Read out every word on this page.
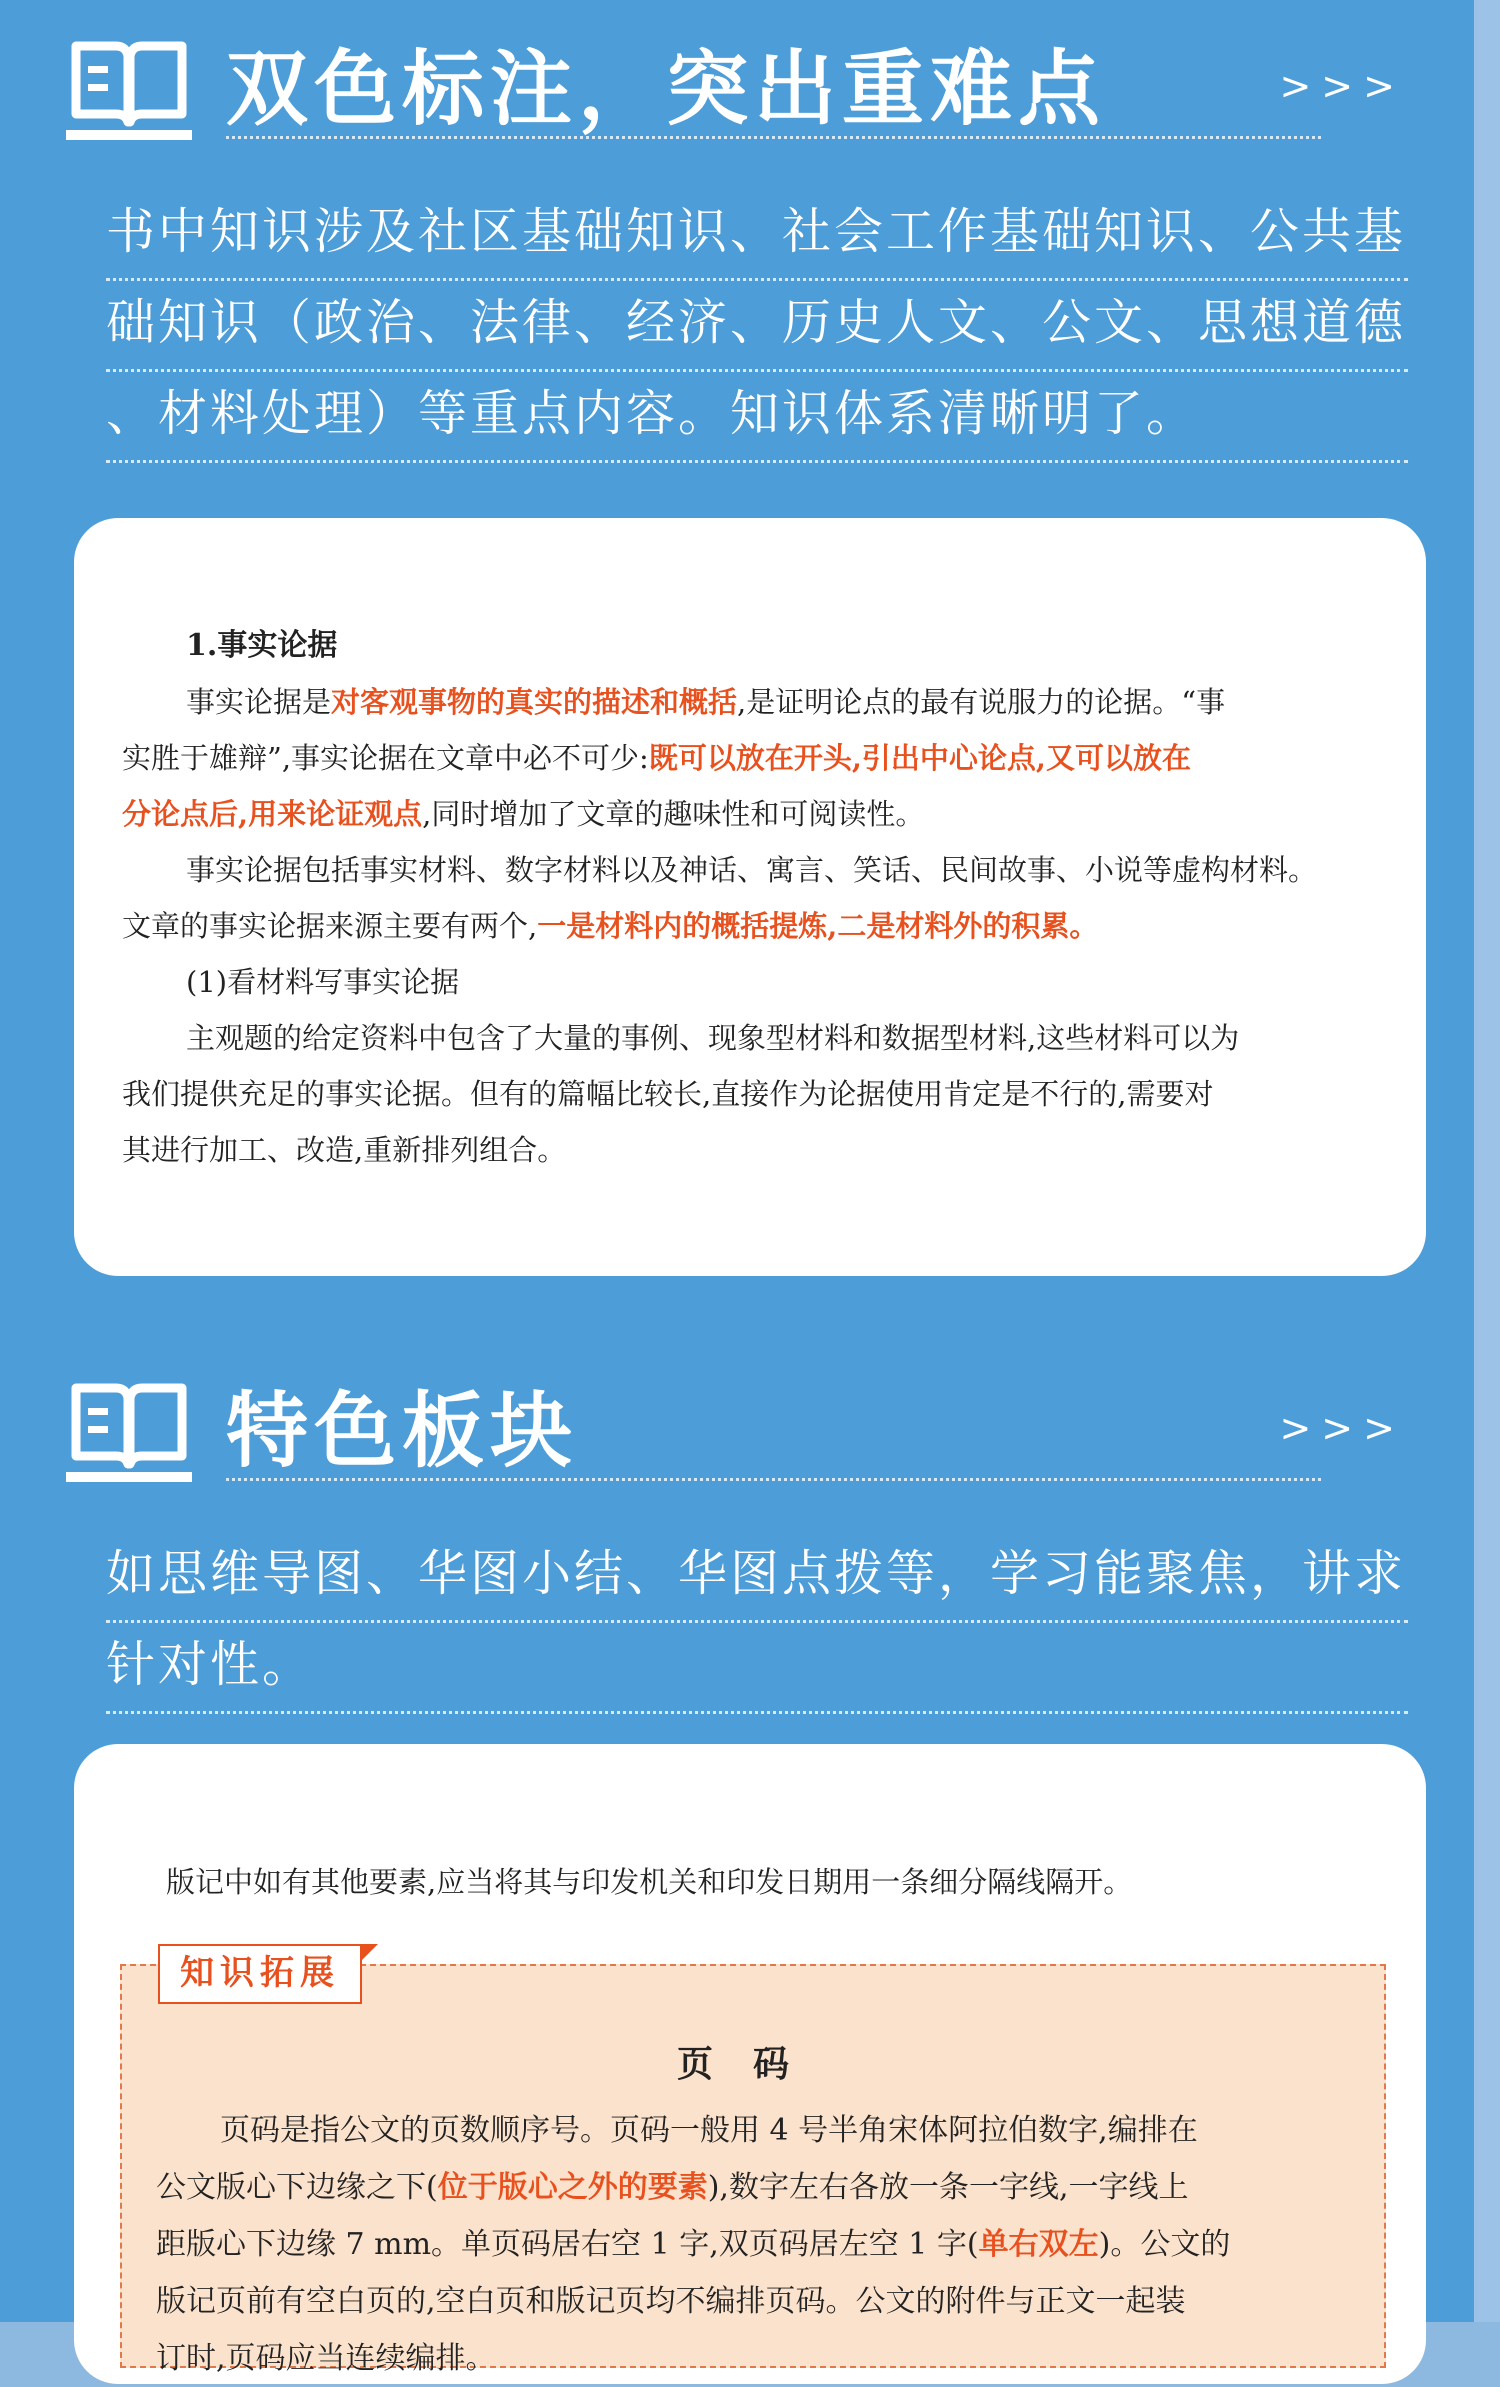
双色标注，突出重难点	>>>
书中知识涉及社区基础知识、社会工作基础知识、公共基
础知识（政治、法律、经济、历史人文、公文、思想道德
、材料处理）等重点内容。知识体系清晰明了。
1.事实论据
事实论据是对客观事物的真实的描述和概括,是证明论点的最有说服力的论据。“事
实胜于雄辩”,事实论据在文章中必不可少:既可以放在开头,引出中心论点,又可以放在
分论点后,用来论证观点,同时增加了文章的趣味性和可阅读性。
事实论据包括事实材料、数字材料以及神话、寓言、笑话、民间故事、小说等虚构材料。
文章的事实论据来源主要有两个,一是材料内的概括提炼,二是材料外的积累。
(1)看材料写事实论据
主观题的给定资料中包含了大量的事例、现象型材料和数据型材料,这些材料可以为
我们提供充足的事实论据。但有的篇幅比较长,直接作为论据使用肯定是不行的,需要对
其进行加工、改造,重新排列组合。
特色板块	>>>
如思维导图、华图小结、华图点拨等，学习能聚焦，讲求
针对性。
版记中如有其他要素,应当将其与印发机关和印发日期用一条细分隔线隔开。
知识拓展
页码
页码是指公文的页数顺序号。页码一般用 4 号半角宋体阿拉伯数字,编排在
公文版心下边缘之下(位于版心之外的要素),数字左右各放一条一字线,一字线上
距版心下边缘 7 mm。单页码居右空 1 字,双页码居左空 1 字(单右双左)。公文的
版记页前有空白页的,空白页和版记页均不编排页码。公文的附件与正文一起装
订时,页码应当连续编排。
